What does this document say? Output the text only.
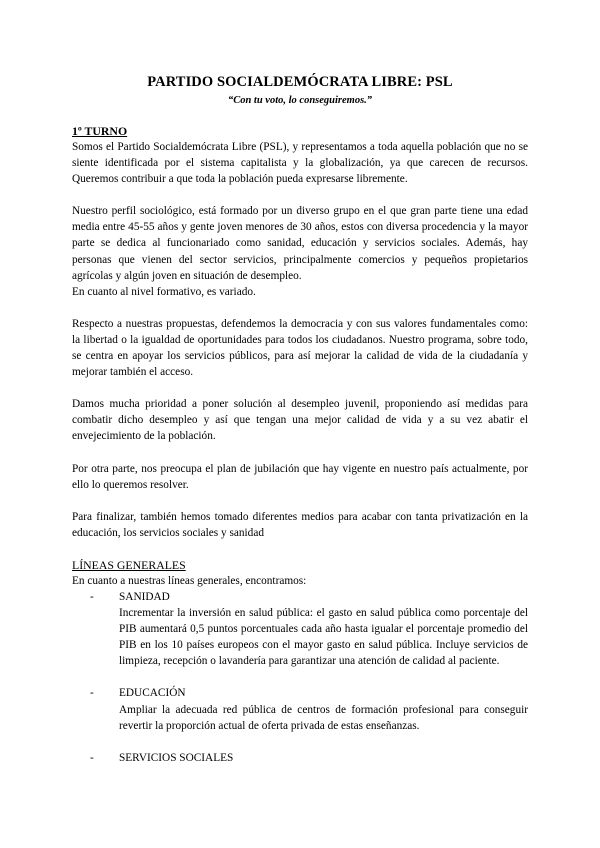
PARTIDO SOCIALDEMÓCRATA LIBRE: PSL

“Con tu voto, lo conseguiremos.”

1º TURNO

Somos el Partido Socialdemócrata Libre (PSL), y representamos a toda aquella población que no se siente identificada por el sistema capitalista y la globalización, ya que carecen de recursos. Queremos contribuir a que toda la población pueda expresarse libremente.

Nuestro perfil sociológico, está formado por un diverso grupo en el que gran parte tiene una edad media entre 45-55 años y gente joven menores de 30 años, estos con diversa procedencia y la mayor parte se dedica al funcionariado como sanidad, educación y servicios sociales. Además, hay personas que vienen del sector servicios, principalmente comercios y pequeños propietarios agrícolas y algún joven en situación de desempleo.

En cuanto al nivel formativo, es variado.

Respecto a nuestras propuestas, defendemos la democracia y con sus valores fundamentales como: la libertad o la igualdad de oportunidades para todos los ciudadanos. Nuestro programa, sobre todo, se centra en apoyar los servicios públicos, para así mejorar la calidad de vida de la ciudadanía y mejorar también el acceso.

Damos mucha prioridad a poner solución al desempleo juvenil, proponiendo así medidas para combatir dicho desempleo y así que tengan una mejor calidad de vida y a su vez abatir el envejecimiento de la población.

Por otra parte, nos preocupa el plan de jubilación que hay vigente en nuestro país actualmente, por ello lo queremos resolver.

Para finalizar, también hemos tomado diferentes medios para acabar con tanta privatización en la educación, los servicios sociales y sanidad

LÍNEAS GENERALES

En cuanto a nuestras líneas generales, encontramos:

- SANIDAD

Incrementar la inversión en salud pública: el gasto en salud pública como porcentaje del PIB aumentará 0,5 puntos porcentuales cada año hasta igualar el porcentaje promedio del PIB en los 10 países europeos con el mayor gasto en salud pública. Incluye servicios de limpieza, recepción o lavandería para garantizar una atención de calidad al paciente.

- EDUCACIÓN

Ampliar la adecuada red pública de centros de formación profesional para conseguir revertir la proporción actual de oferta privada de estas enseñanzas.

- SERVICIOS SOCIALES
